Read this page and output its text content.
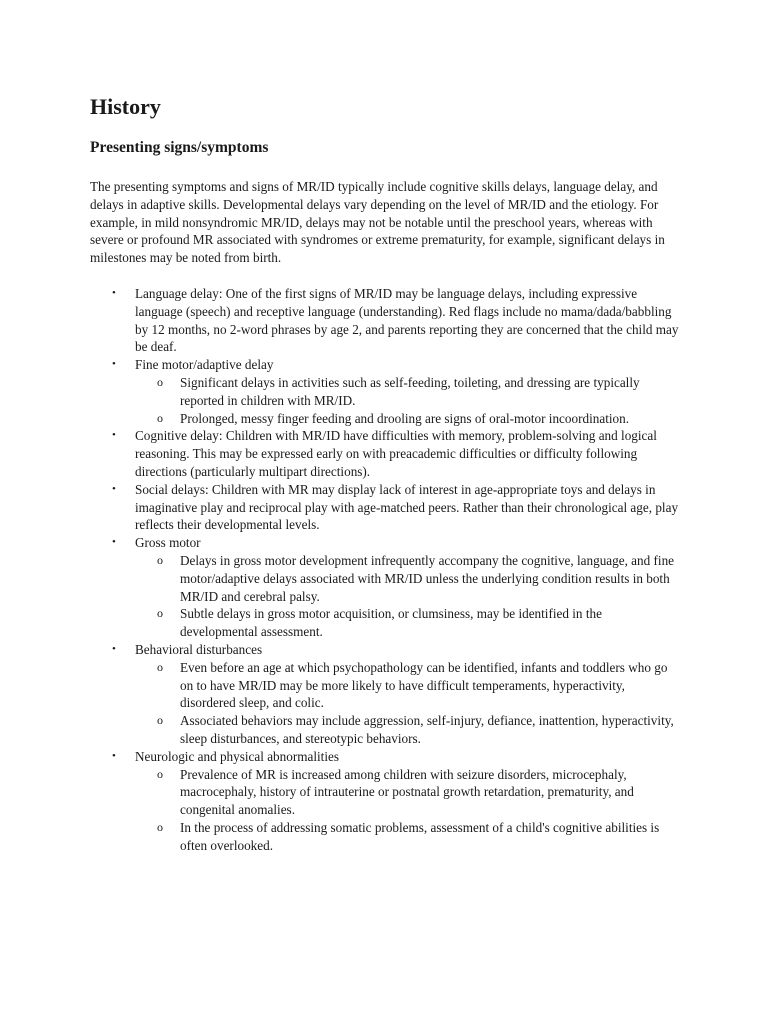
History
Presenting signs/symptoms

The presenting symptoms and signs of MR/ID typically include cognitive skills delays, language delay, and delays in adaptive skills. Developmental delays vary depending on the level of MR/ID and the etiology. For example, in mild nonsyndromic MR/ID, delays may not be notable until the preschool years, whereas with severe or profound MR associated with syndromes or extreme prematurity, for example, significant delays in milestones may be noted from birth.

• Language delay: One of the first signs of MR/ID may be language delays, including expressive language (speech) and receptive language (understanding). Red flags include no mama/dada/babbling by 12 months, no 2-word phrases by age 2, and parents reporting they are concerned that the child may be deaf.
• Fine motor/adaptive delay
o Significant delays in activities such as self-feeding, toileting, and dressing are typically reported in children with MR/ID.
o Prolonged, messy finger feeding and drooling are signs of oral-motor incoordination.
• Cognitive delay: Children with MR/ID have difficulties with memory, problem-solving and logical reasoning. This may be expressed early on with preacademic difficulties or difficulty following directions (particularly multipart directions).
• Social delays: Children with MR may display lack of interest in age-appropriate toys and delays in imaginative play and reciprocal play with age-matched peers. Rather than their chronological age, play reflects their developmental levels.
• Gross motor
o Delays in gross motor development infrequently accompany the cognitive, language, and fine motor/adaptive delays associated with MR/ID unless the underlying condition results in both MR/ID and cerebral palsy.
o Subtle delays in gross motor acquisition, or clumsiness, may be identified in the developmental assessment.
• Behavioral disturbances
o Even before an age at which psychopathology can be identified, infants and toddlers who go on to have MR/ID may be more likely to have difficult temperaments, hyperactivity, disordered sleep, and colic.
o Associated behaviors may include aggression, self-injury, defiance, inattention, hyperactivity, sleep disturbances, and stereotypic behaviors.
• Neurologic and physical abnormalities
o Prevalence of MR is increased among children with seizure disorders, microcephaly, macrocephaly, history of intrauterine or postnatal growth retardation, prematurity, and congenital anomalies.
o In the process of addressing somatic problems, assessment of a child's cognitive abilities is often overlooked.
